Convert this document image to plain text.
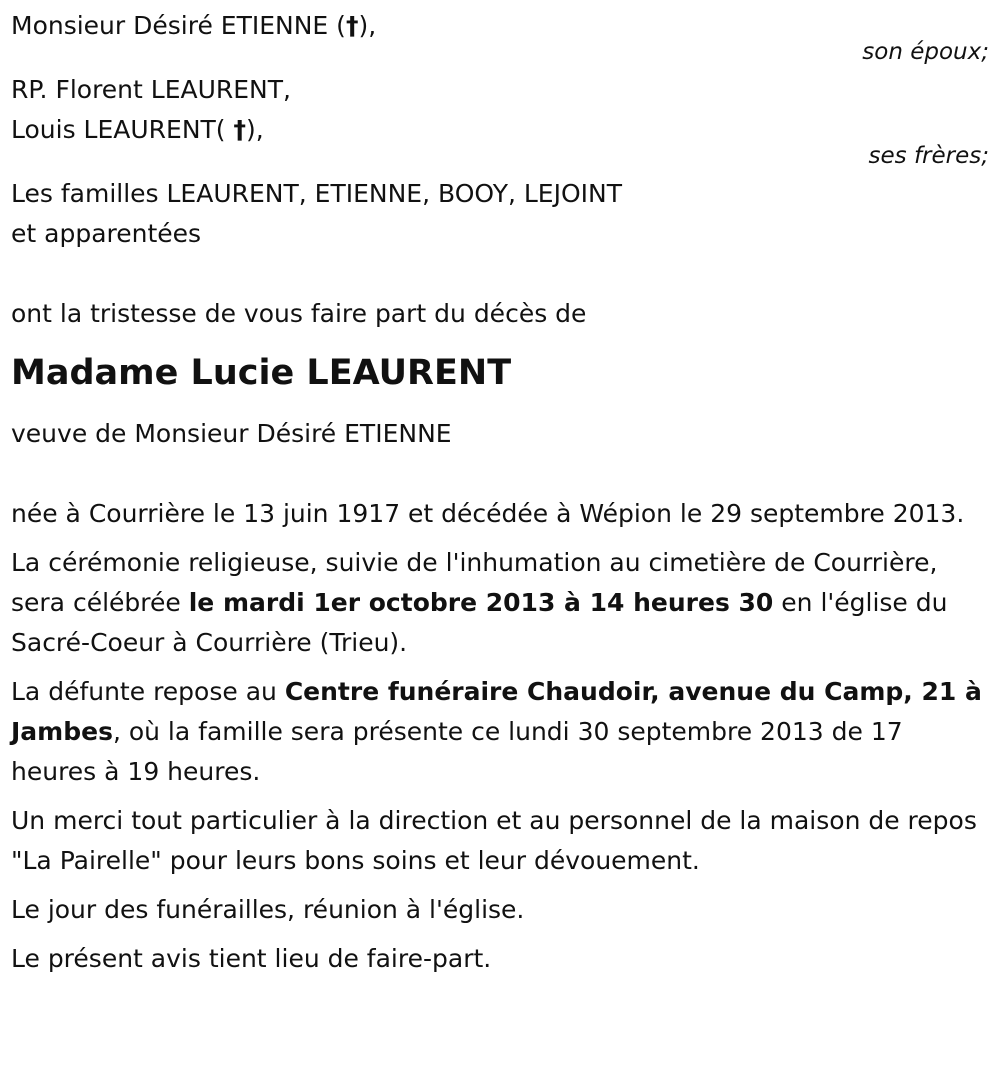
Monsieur Désiré ETIENNE (†),
son époux;
RP. Florent LEAURENT,
Louis LEAURENT( †),
ses frères;
Les familles LEAURENT, ETIENNE, BOOY, LEJOINT
et apparentées
ont la tristesse de vous faire part du décès de
Madame Lucie LEAURENT
veuve de Monsieur Désiré ETIENNE
née à Courrière le 13 juin 1917 et décédée à Wépion le 29 septembre 2013.
La cérémonie religieuse, suivie de l'inhumation au cimetière de Courrière, sera célébrée le mardi 1er octobre 2013 à 14 heures 30 en l'église du Sacré-Coeur à Courrière (Trieu).
La défunte repose au Centre funéraire Chaudoir, avenue du Camp, 21 à Jambes, où la famille sera présente ce lundi 30 septembre 2013 de 17 heures à 19 heures.
Un merci tout particulier à la direction et au personnel de la maison de repos "La Pairelle" pour leurs bons soins et leur dévouement.
Le jour des funérailles, réunion à l'église.
Le présent avis tient lieu de faire-part.
